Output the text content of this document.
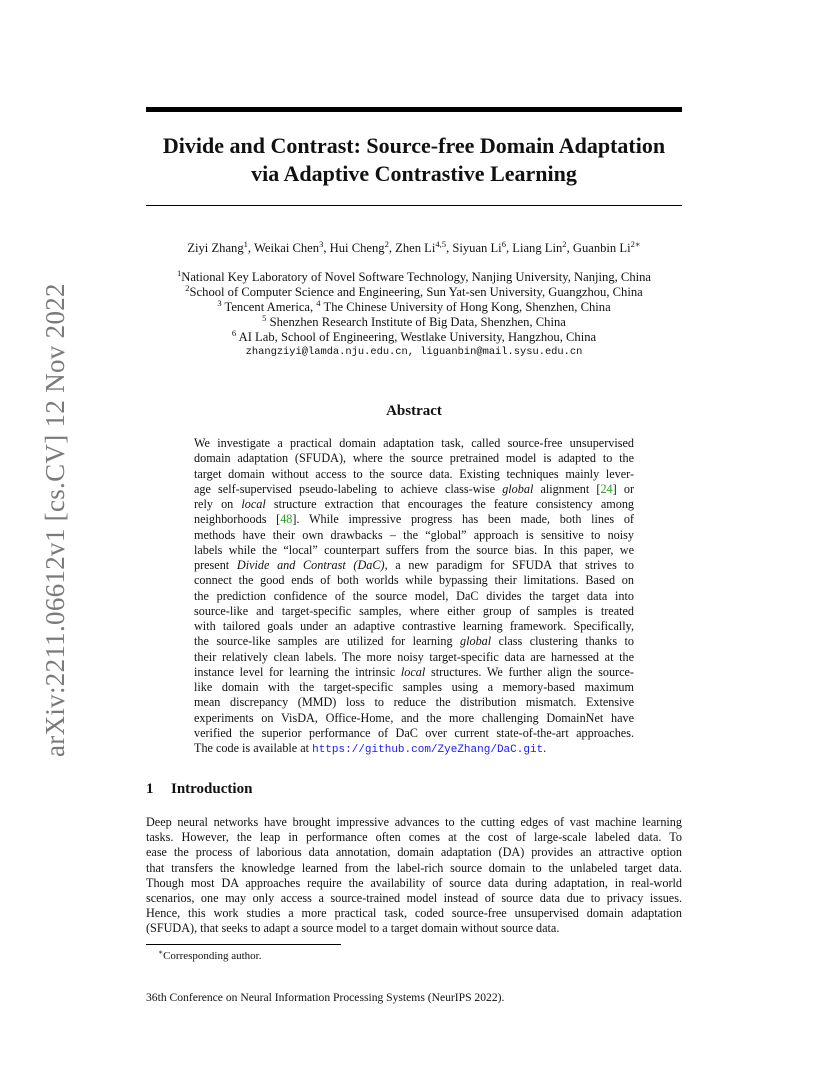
arXiv:2211.06612v1 [cs.CV] 12 Nov 2022
Divide and Contrast: Source-free Domain Adaptation
via Adaptive Contrastive Learning
Ziyi Zhang$^1$, Weikai Chen$^3$, Hui Cheng$^2$, Zhen Li$^{4,5}$, Siyuan Li$^6$, Liang Lin$^2$, Guanbin $Li^{2∗}$
$^1$National Key Laboratory of Novel Software Technology, Nanjing University, Nanjing, China
$^2$School of Computer Science and Engineering, Sun Yat-sen University, Guangzhou, China
$^3$ Tencent America, $^4$ The Chinese University of Hong Kong, Shenzhen, China
$^5$ Shenzhen Research Institute of Big Data, Shenzhen, China
$^6$ AI Lab, School of Engineering, Westlake University, Hangzhou, China
zhangziyi@lamda.nju.edu.cn, liguanbin@mail.sysu.edu.cn
Abstract
We investigate a practical domain adaptation task, called source-free unsupervised
domain adaptation (SFUDA), where the source pretrained model is adapted to the
target domain without access to the source data. Existing techniques mainly lever-
age self-supervised pseudo-labeling to achieve class-wise global alignment [24] or
rely on local structure extraction that encourages the feature consistency among
neighborhoods [48]. While impressive progress has been made, both lines of
methods have their own drawbacks – the “global” approach is sensitive to noisy
labels while the “local” counterpart suffers from the source bias. In this paper, we
present Divide and Contrast (DaC), a new paradigm for SFUDA that strives to
connect the good ends of both worlds while bypassing their limitations. Based on
the prediction confidence of the source model, DaC divides the target data into
source-like and target-specific samples, where either group of samples is treated
with tailored goals under an adaptive contrastive learning framework. Specifically,
the source-like samples are utilized for learning global class clustering thanks to
their relatively clean labels. The more noisy target-specific data are harnessed at the
instance level for learning the intrinsic local structures. We further align the source-
like domain with the target-specific samples using a memory-based maximum
mean discrepancy (MMD) loss to reduce the distribution mismatch. Extensive
experiments on VisDA, Office-Home, and the more challenging DomainNet have
verified the superior performance of DaC over current state-of-the-art approaches.
The code is available at https://github.com/ZyeZhang/DaC.git.
1 Introduction
Deep neural networks have brought impressive advances to the cutting edges of vast machine learning
tasks. However, the leap in performance often comes at the cost of large-scale labeled data. To
ease the process of laborious data annotation, domain adaptation (DA) provides an attractive option
that transfers the knowledge learned from the label-rich source domain to the unlabeled target data.
Though most DA approaches require the availability of source data during adaptation, in real-world
scenarios, one may only access a source-trained model instead of source data due to privacy issues.
Hence, this work studies a more practical task, coded source-free unsupervised domain adaptation
(SFUDA), that seeks to adapt a source model to a target domain without source data.
∗Corresponding author.
36th Conference on Neural Information Processing Systems (NeurIPS 2022).
